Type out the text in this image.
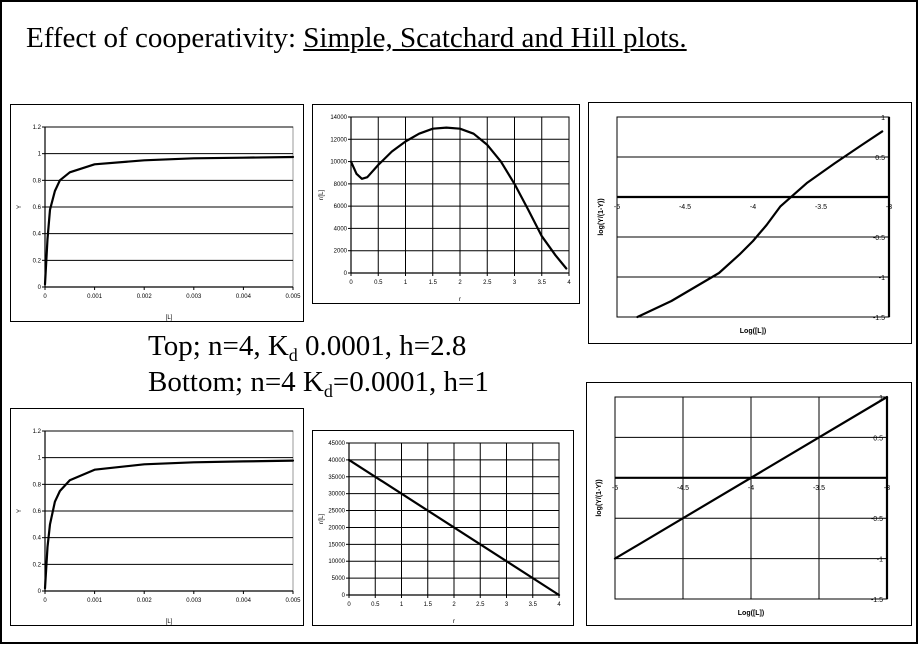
Effect of cooperativity: Simple, Scatchard and Hill plots.
Top; n=4, $K_d$ 0.0001, h=2.8
Bottom; n=4 $K_d=0.0001$, h=1
0	0.001	0.002	0.003	0.004	0.005
0
0.2
0.4
0.6
0.8
1
1.2
[L]
Y
0	0.5	1	1.5	2	2.5	3	3.5	4
0
2000
4000
6000
8000
10000
12000
14000
r
r/[L]
-5	-4.5	-4	-3.5	-3
-1.5
-1
-0.5
0.5
1
Log([L])
log(Y/(1-Y))
0	0.001	0.002	0.003	0.004	0.005
0
0.2
0.4
0.6
0.8
1
1.2
[L]
Y
0	0.5	1	1.5	2	2.5	3	3.5	4
0
5000
10000
15000
20000
25000
30000
35000
40000
45000
r
r/[L]
-5	-4.5	-4	-3.5	-3
-1.5
-1
-0.5
0.5
1
Log([L])
log(Y/(1-Y))
